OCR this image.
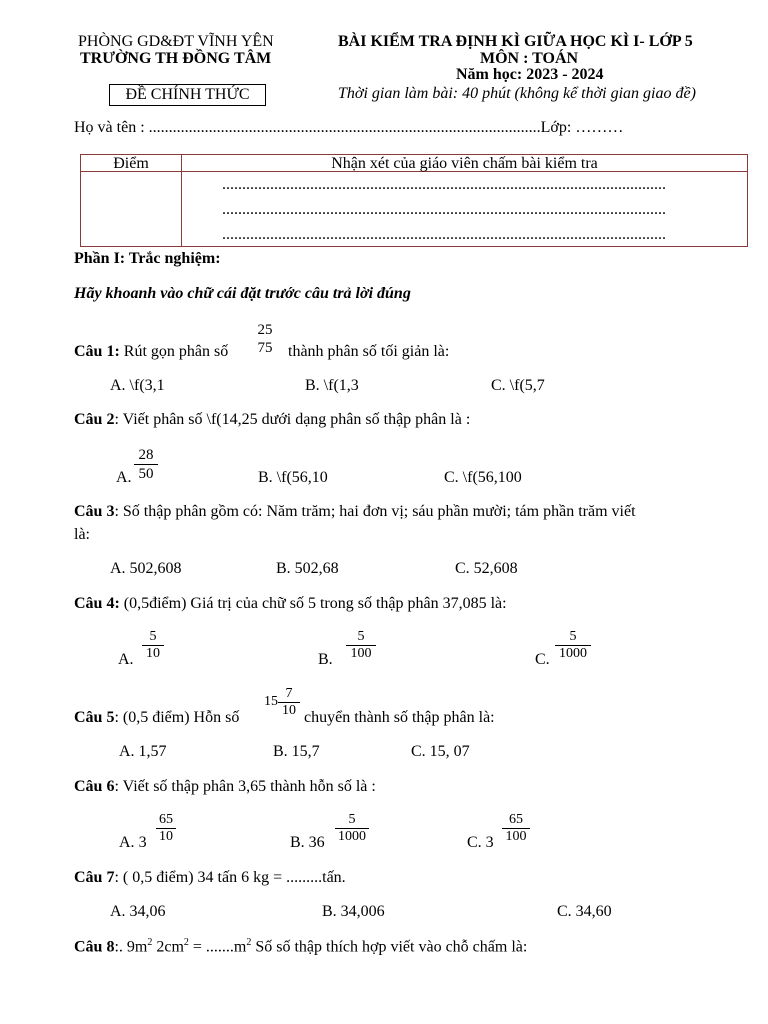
PHÒNG GD&ĐT VĨNH YÊN
TRƯỜNG TH ĐỒNG TÂM
ĐỀ CHÍNH THỨC
BÀI KIỂM TRA ĐỊNH KÌ GIỮA HỌC KÌ I- LỚP 5
MÔN : TOÁN
Năm học: 2023 - 2024
Thời gian làm bài: 40 phút (không kể thời gian giao đề)
Họ và tên : ..................................................................................................Lớp: ………
Điểm	Nhận xét của giáo viên chấm bài kiểm tra

	...............................................................................................................
...............................................................................................................
...............................................................................................................
Phần I: Trắc nghiệm:
Hãy khoanh vào chữ cái đặt trước câu trả lời đúng
Câu 1: Rút gọn phân số
25
75 thành phân số tối giản là:
A. \f(3,1	B. \f(1,3	C. \f(5,7
Câu 2: Viết phân số \f(14,25 dưới dạng phân số thập phân là :
A. $\frac{28}{50}$	B. \f(56,10	C. \f(56,100
Câu 3: Số thập phân gồm có: Năm trăm; hai đơn vị; sáu phần mười; tám phần trăm viết
là:
A. 502,608	B. 502,68	C. 52,608
Câu 4: (0,5điểm) Giá trị của chữ số 5 trong số thập phân 37,085 là:
A. $\frac{5}{10}$	B. $\frac{5}{100}$	C. $\frac{5}{1000}$
Câu 5: (0,5 điểm) Hỗn số
$15 \frac{7}{10}$ chuyển thành số thập phân là:
A. 1,57	B. 15,7	C. 15, 07
Câu 6: Viết số thập phân 3,65 thành hỗn số là :
A. $3 \frac{65}{10}$	B. $36 \frac{5}{1000}$	C. $3 \frac{65}{100}$
Câu 7: ( 0,5 điểm) 34 tấn 6 kg = .........tấn.
A. 34,06	B. 34,006	C. 34,60
Câu 8:. $9m^2$ $2cm^2 = .......m^2$ Số số thập thích hợp viết vào chỗ chấm là:
